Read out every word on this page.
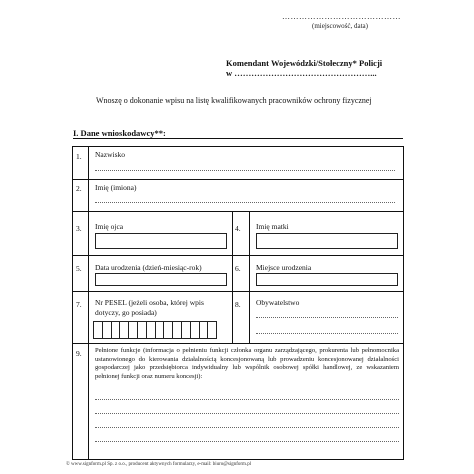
……………………………………
(miejscowość, data)
Komendant Wojewódzki/Stołeczny* Policji
w …………………………………………...
Wnoszę o dokonanie wpisu na listę kwalifikowanych pracowników ochrony fizycznej
I. Dane wnioskodawcy**:
1. Nazwisko
2. Imię (imiona)
3. Imię ojca	4. Imię matki
5. Data urodzenia (dzień-miesiąc-rok)	6. Miejsce urodzenia
7. Nr PESEL (jeżeli osoba, której wpis
dotyczy, go posiada)
8. Obywatelstwo
9. Pełnione funkcje (informacja o pełnieniu funkcji członka organu zarządzającego, prokurenta lub pełnomocnika ustanowionego do kierowania działalnością koncesjonowaną lub prowadzeniu koncesjonowanej działalności gospodarczej jako przedsiębiorca indywidualny lub wspólnik osobowej spółki handlowej, ze wskazaniem pełnionej funkcji oraz numeru koncesji):
© www.signform.pl Sp. z o.o., producent aktywnych formularzy, e-mail: biuro@signform.pl
